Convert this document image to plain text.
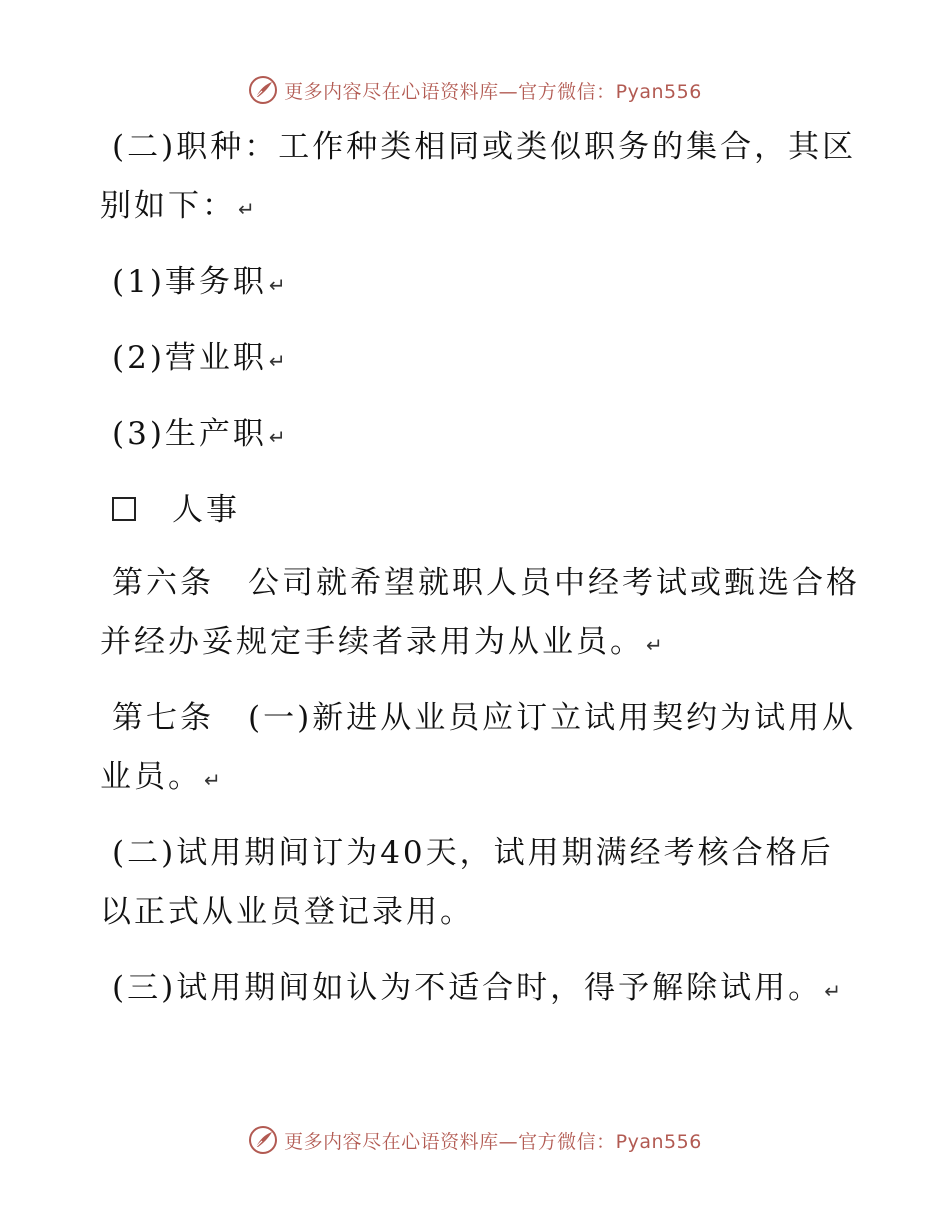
更多内容尽在心语资料库—官方微信：Pyan556

(二)职种：工作种类相同或类似职务的集合，其区别如下： ↵

(1)事务职 ↵

(2)营业职 ↵

(3)生产职 ↵

人事

第六条　公司就希望就职人员中经考试或甄选合格并经办妥规定手续者录用为从业员。 ↵

第七条　(一)新进从业员应订立试用契约为试用从业员。 ↵

(二)试用期间订为40天，试用期满经考核合格后以正式从业员登记录用。

(三)试用期间如认为不适合时，得予解除试用。 ↵

更多内容尽在心语资料库—官方微信：Pyan556
